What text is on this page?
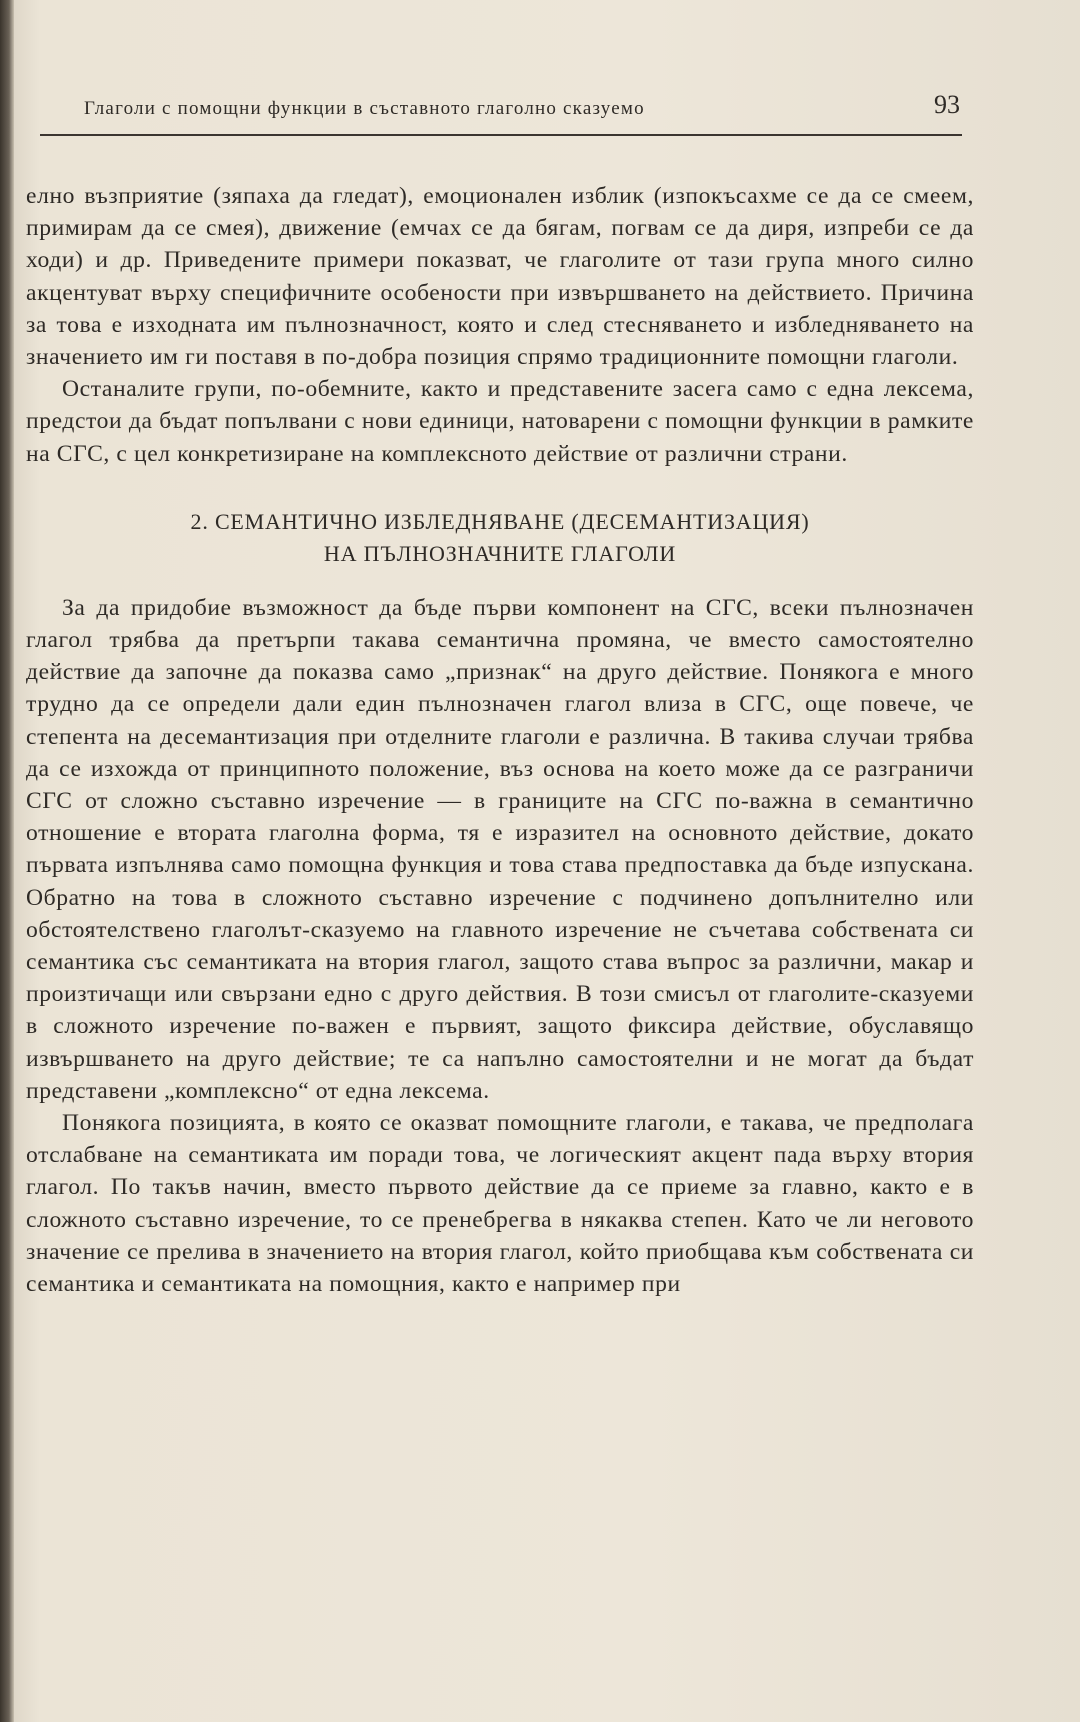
Глаголи с помощни функции в съставното глаголно сказуемо	93

елно възприятие (зяпаха да гледат), емоционален изблик (изпокъсахме се да се смеем, примирам да се смея), движение (емчах се да бягам, погвам се да диря, изпреби се да ходи) и др. Приведените примери показват, че глаголите от тази група много силно акцентуват върху специфичните особености при извършването на действието. Причина за това е изходната им пълнозначност, която и след стесняването и избледняването на значението им ги поставя в по-добра позиция спрямо традиционните помощни глаголи.

Останалите групи, по-обемните, както и представените засега само с една лексема, предстои да бъдат попълвани с нови единици, натоварени с помощни функции в рамките на СГС, с цел конкретизиране на комплексното действие от различни страни.

2. СЕМАНТИЧНО ИЗБЛЕДНЯВАНЕ (ДЕСЕМАНТИЗАЦИЯ)
НА ПЪЛНОЗНАЧНИТЕ ГЛАГОЛИ

За да придобие възможност да бъде първи компонент на СГС, всеки пълнозначен глагол трябва да претърпи такава семантична промяна, че вместо самостоятелно действие да започне да показва само „признак“ на друго действие. Понякога е много трудно да се определи дали един пълнозначен глагол влиза в СГС, още повече, че степента на десемантизация при отделните глаголи е различна. В такива случаи трябва да се изхожда от принципното положение, въз основа на което може да се разграничи СГС от сложно съставно изречение — в границите на СГС по-важна в семантично отношение е втората глаголна форма, тя е изразител на основното действие, докато първата изпълнява само помощна функция и това става предпоставка да бъде изпускана. Обратно на това в сложното съставно изречение с подчинено допълнително или обстоятелствено глаголът-сказуемо на главното изречение не съчетава собствената си семантика със семантиката на втория глагол, защото става въпрос за различни, макар и произтичащи или свързани едно с друго действия. В този смисъл от глаголите-сказуеми в сложното изречение по-важен е първият, защото фиксира действие, обуславящо извършването на друго действие; те са напълно самостоятелни и не могат да бъдат представени „комплексно“ от една лексема.

Понякога позицията, в която се оказват помощните глаголи, е такава, че предполага отслабване на семантиката им поради това, че логическият акцент пада върху втория глагол. По такъв начин, вместо първото действие да се приеме за главно, както е в сложното съставно изречение, то се пренебрегва в някаква степен. Като че ли неговото значение се прелива в значението на втория глагол, който приобщава към собствената си семантика и семантиката на помощния, както е например при
